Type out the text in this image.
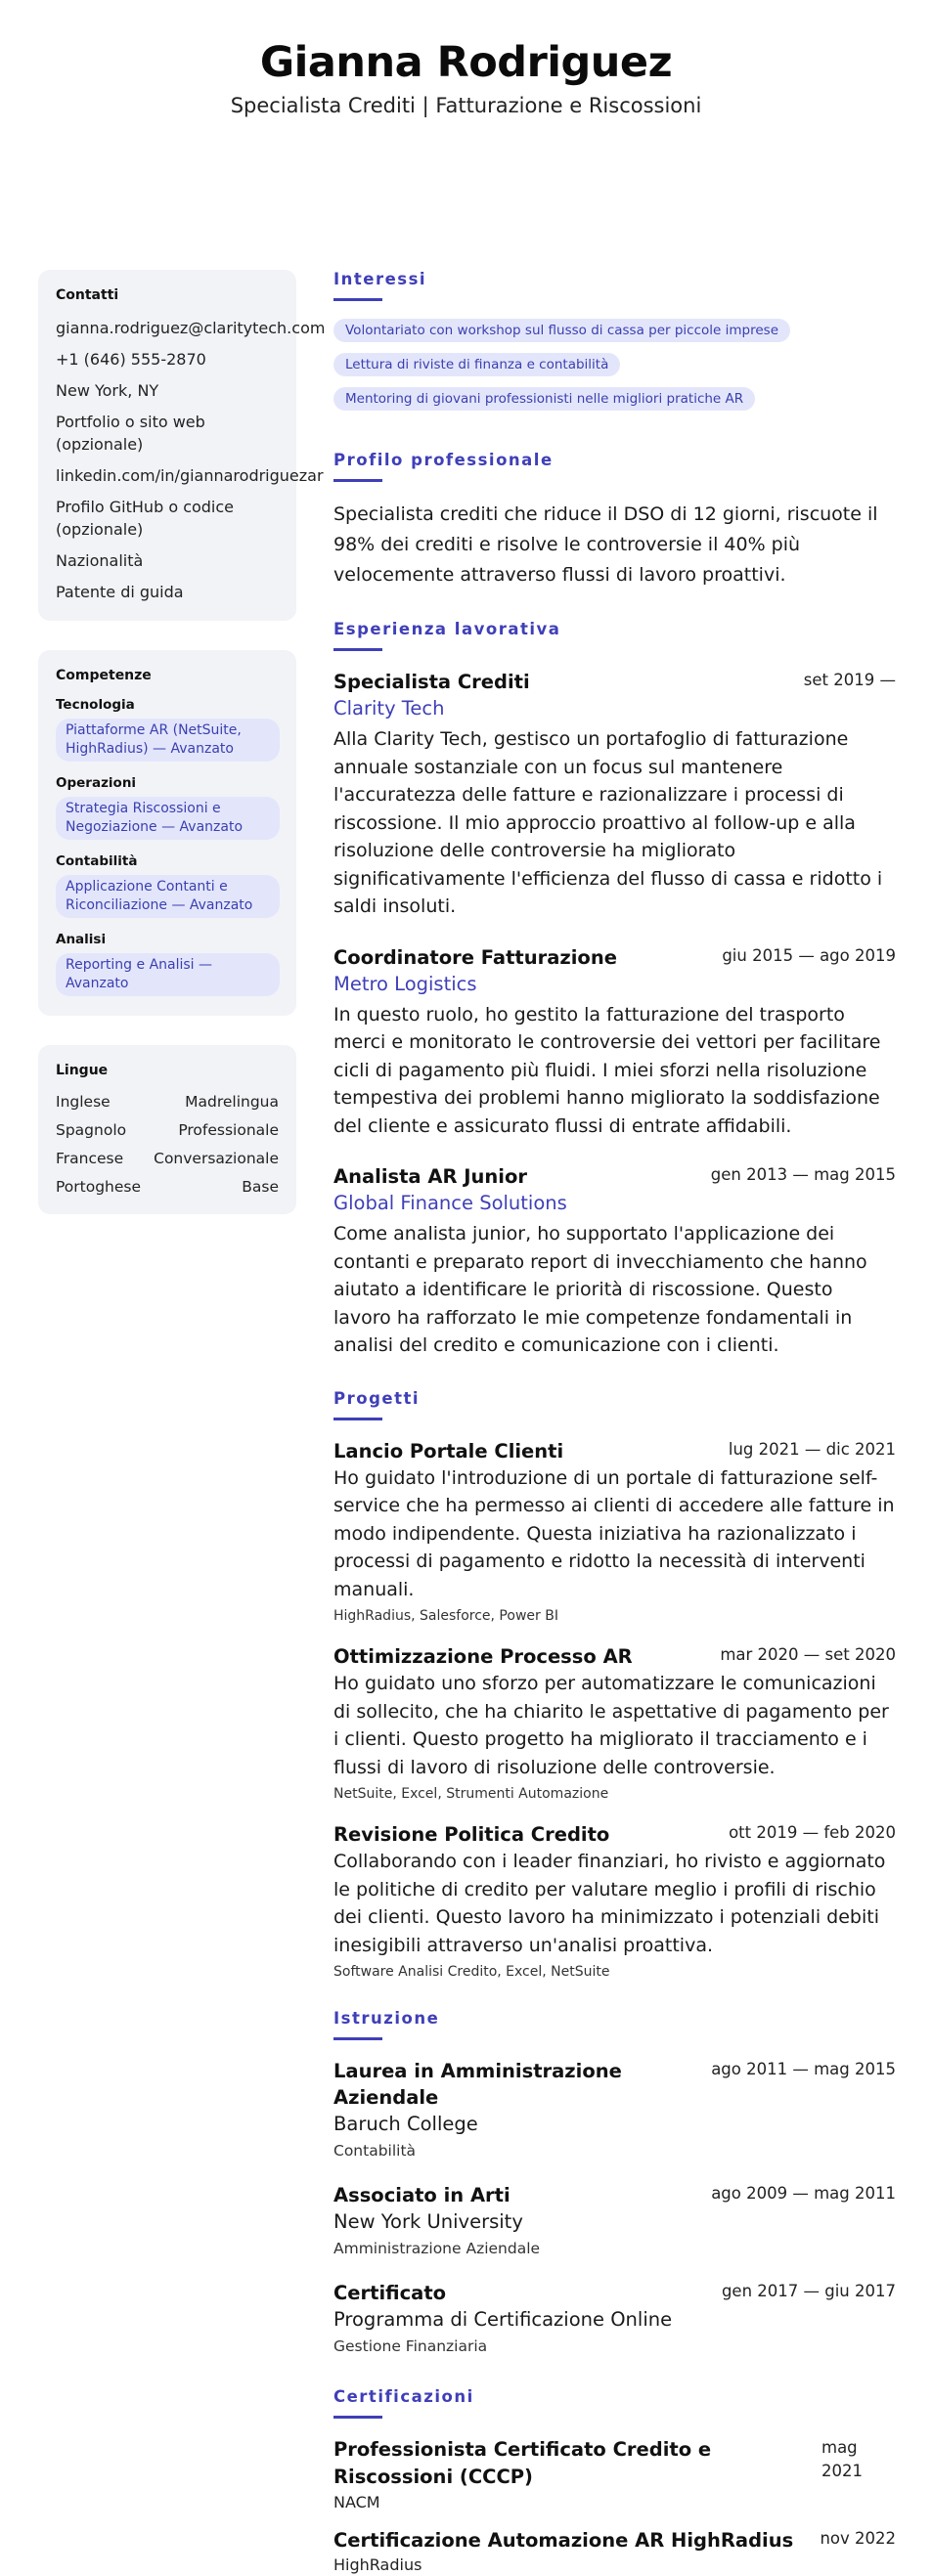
Gianna Rodriguez
Specialista Crediti | Fatturazione e Riscossioni
Contatti
gianna.rodriguez@claritytech.com
+1 (646) 555-2870
New York, NY
Portfolio o sito web (opzionale)
linkedin.com/in/giannarodriguezar
Profilo GitHub o codice (opzionale)
Nazionalità
Patente di guida
Competenze
Tecnologia
Piattaforme AR (NetSuite, HighRadius) — Avanzato
Operazioni
Strategia Riscossioni e Negoziazione — Avanzato
Contabilità
Applicazione Contanti e Riconciliazione — Avanzato
Analisi
Reporting e Analisi — Avanzato
Lingue
Inglese	Madrelingua
Spagnolo	Professionale
Francese Conversazionale
Portoghese	Base
Interessi
Volontariato con workshop sul flusso di cassa per piccole imprese
Lettura di riviste di finanza e contabilità
Mentoring di giovani professionisti nelle migliori pratiche AR
Profilo professionale

Specialista crediti che riduce il DSO di 12 giorni, riscuote il 98% dei crediti e risolve le controversie il 40% più velocemente attraverso flussi di lavoro proattivi.

Esperienza lavorativa
Specialista Crediti	set 2019 —
Clarity Tech

Alla Clarity Tech, gestisco un portafoglio di fatturazione annuale sostanziale con un focus sul mantenere l'accuratezza delle fatture e razionalizzare i processi di riscossione. Il mio approccio proattivo al follow-up e alla risoluzione delle controversie ha migliorato significativamente l'efficienza del flusso di cassa e ridotto i saldi insoluti.

Coordinatore Fatturazione	giu 2015 — ago 2019
Metro Logistics

In questo ruolo, ho gestito la fatturazione del trasporto merci e monitorato le controversie dei vettori per facilitare cicli di pagamento più fluidi. I miei sforzi nella risoluzione tempestiva dei problemi hanno migliorato la soddisfazione del cliente e assicurato flussi di entrate affidabili.

Analista AR Junior	gen 2013 — mag 2015
Global Finance Solutions

Come analista junior, ho supportato l'applicazione dei contanti e preparato report di invecchiamento che hanno aiutato a identificare le priorità di riscossione. Questo lavoro ha rafforzato le mie competenze fondamentali in analisi del credito e comunicazione con i clienti.

Progetti
Lancio Portale Clienti	lug 2021 — dic 2021

Ho guidato l'introduzione di un portale di fatturazione self-service che ha permesso ai clienti di accedere alle fatture in modo indipendente. Questa iniziativa ha razionalizzato i processi di pagamento e ridotto la necessità di interventi manuali.

HighRadius, Salesforce, Power BI
Ottimizzazione Processo AR	mar 2020 — set 2020

Ho guidato uno sforzo per automatizzare le comunicazioni di sollecito, che ha chiarito le aspettative di pagamento per i clienti. Questo progetto ha migliorato il tracciamento e i flussi di lavoro di risoluzione delle controversie.

NetSuite, Excel, Strumenti Automazione
Revisione Politica Credito	ott 2019 — feb 2020

Collaborando con i leader finanziari, ho rivisto e aggiornato le politiche di credito per valutare meglio i profili di rischio dei clienti. Questo lavoro ha minimizzato i potenziali debiti inesigibili attraverso un'analisi proattiva.

Software Analisi Credito, Excel, NetSuite
Istruzione
Laurea in Amministrazione Aziendale
ago 2011 — mag 2015
Baruch College
Contabilità
Associato in Arti	ago 2009 — mag 2011
New York University
Amministrazione Aziendale
Certificato	gen 2017 — giu 2017
Programma di Certificazione Online
Gestione Finanziaria
Certificazioni
Professionista Certificato Credito e Riscossioni (CCCP)
mag 2021
NACM
Certificazione Automazione AR HighRadius nov 2022
HighRadius
